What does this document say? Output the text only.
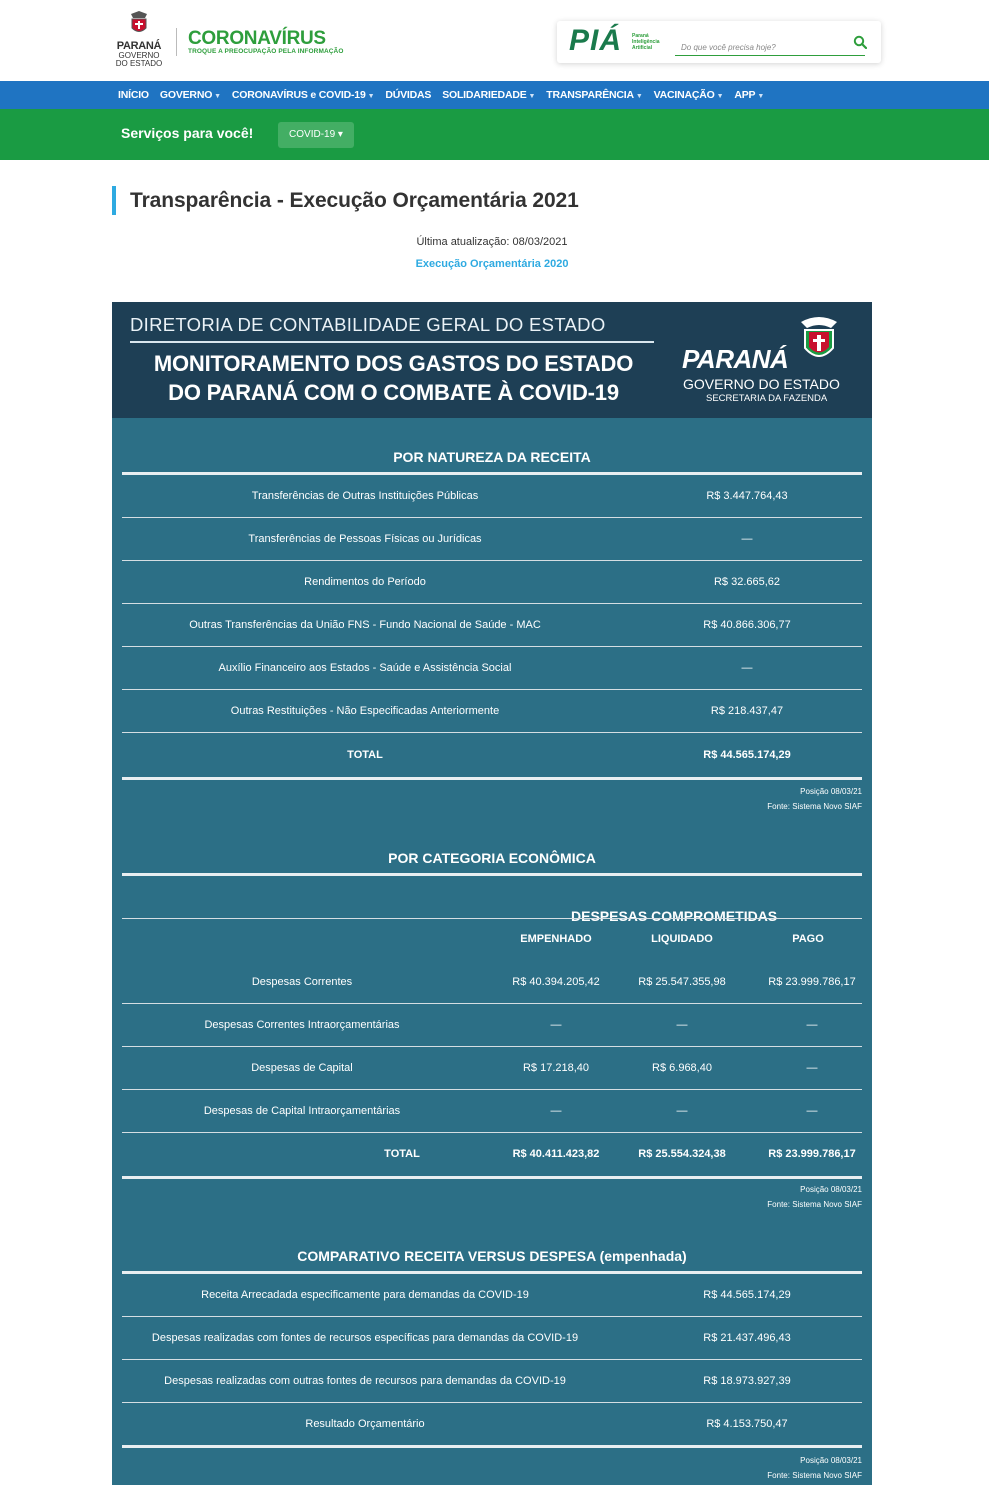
PARANÁ
GOVERNO
DO ESTADO
CORONAVÍRUS
TROQUE A PREOCUPAÇÃO PELA INFORMAÇÃO	PIÁ Paraná
Inteligência
Artificial
Do que você precisa hoje?
INÍCIO GOVERNO ▼ CORONAVÍRUS e COVID-19 ▼ DÚVIDAS SOLIDARIEDADE ▼ TRANSPARÊNCIA ▼ VACINAÇÃO ▼ APP ▼
Serviços para você!	COVID-19 ▾
Transparência - Execução Orçamentária 2021
Última atualização: 08/03/2021
Execução Orçamentária 2020
DIRETORIA DE CONTABILIDADE GERAL DO ESTADO
MONITORAMENTO DOS GASTOS DO ESTADO
DO PARANÁ COM O COMBATE À COVID-19
PARANÁ
GOVERNO DO ESTADO
SECRETARIA DA FAZENDA
POR NATUREZA DA RECEITA
Transferências de Outras Instituições Públicas	R$ 3.447.764,43
Transferências de Pessoas Físicas ou Jurídicas	—
Rendimentos do Período	R$ 32.665,62
Outras Transferências da União FNS - Fundo Nacional de Saúde - MAC	R$ 40.866.306,77
Auxílio Financeiro aos Estados - Saúde e Assistência Social	—
Outras Restituições - Não Especificadas Anteriormente	R$ 218.437,47
TOTAL	R$ 44.565.174,29
Posição 08/03/21
Fonte: Sistema Novo SIAF
POR CATEGORIA ECONÔMICA
DESPESAS COMPROMETIDAS
EMPENHADO	LIQUIDADO	PAGO
Despesas Correntes	R$ 40.394.205,42	R$ 25.547.355,98	R$ 23.999.786,17
Despesas Correntes Intraorçamentárias	—	—	—
Despesas de Capital	R$ 17.218,40	R$ 6.968,40	—
Despesas de Capital Intraorçamentárias	—	—	—
TOTAL	R$ 40.411.423,82	R$ 25.554.324,38	R$ 23.999.786,17
Posição 08/03/21
Fonte: Sistema Novo SIAF
COMPARATIVO RECEITA VERSUS DESPESA (empenhada)
Receita Arrecadada especificamente para demandas da COVID-19	R$ 44.565.174,29
Despesas realizadas com fontes de recursos específicas para demandas da COVID-19	R$ 21.437.496,43
Despesas realizadas com outras fontes de recursos para demandas da COVID-19	R$ 18.973.927,39
Resultado Orçamentário	R$ 4.153.750,47
Posição 08/03/21
Fonte: Sistema Novo SIAF
